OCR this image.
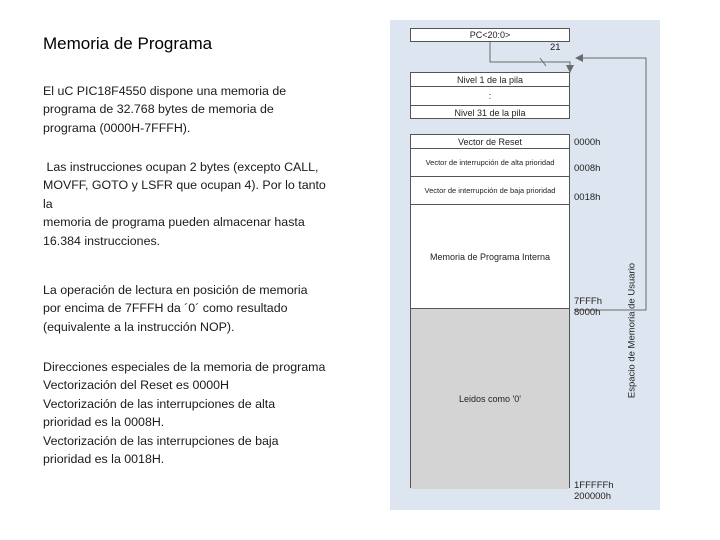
Memoria de Programa
El uC PIC18F4550 dispone una memoria de
programa de 32.768 bytes de memoria de
programa (0000H-7FFFH).
Las instrucciones ocupan 2 bytes (excepto CALL,
MOVFF, GOTO y LSFR que ocupan 4). Por lo tanto
la
memoria de programa pueden almacenar hasta
16.384 instrucciones.
La operación de lectura en posición de memoria
por encima de 7FFFH da ´0´ como resultado
(equivalente a la instrucción NOP).
Direcciones especiales de la memoria de programa
Vectorización del Reset es 0000H
Vectorización de las interrupciones de alta
prioridad es la 0008H.
Vectorización de las interrupciones de baja
prioridad es la 0018H.
PC<20:0>
21
Nivel 1 de la pila
:
Nivel 31 de la pila
Vector de Reset
Vector de interrupción de alta prioridad
Vector de interrupción de baja prioridad
Memoria de Programa Interna
Leidos como '0'
0000h
0008h
0018h
7FFFh
8000h
1FFFFFh
200000h
Espacio de Memoria de Usuario
